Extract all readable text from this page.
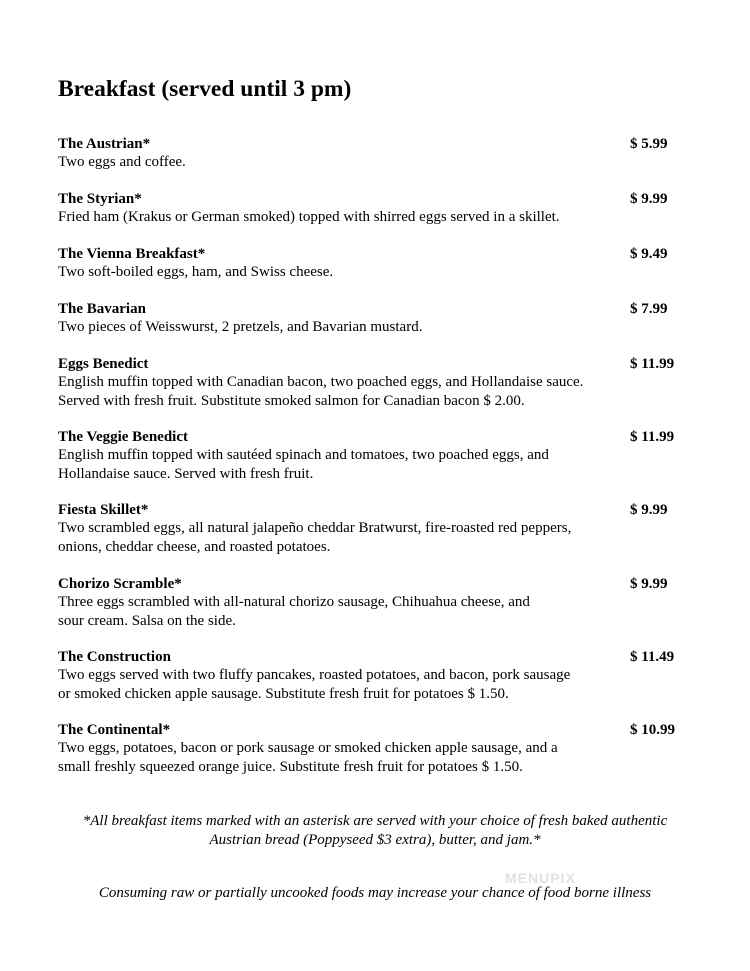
Breakfast (served until 3 pm)
The Austrian*
Two eggs and coffee.
$ 5.99
The Styrian*
Fried ham (Krakus or German smoked) topped with shirred eggs served in a skillet.
$ 9.99
The Vienna Breakfast*
Two soft-boiled eggs, ham, and Swiss cheese.
$ 9.49
The Bavarian
Two pieces of Weisswurst, 2 pretzels, and Bavarian mustard.
$ 7.99
Eggs Benedict
English muffin topped with Canadian bacon, two poached eggs, and Hollandaise sauce.
Served with fresh fruit. Substitute smoked salmon for Canadian bacon $ 2.00.
$ 11.99
The Veggie Benedict
English muffin topped with sautéed spinach and tomatoes, two poached eggs, and
Hollandaise sauce. Served with fresh fruit.
$ 11.99
Fiesta Skillet*
Two scrambled eggs, all natural jalapeño cheddar Bratwurst, fire-roasted red peppers,
onions, cheddar cheese, and roasted potatoes.
$ 9.99
Chorizo Scramble*
Three eggs scrambled with all-natural chorizo sausage, Chihuahua cheese, and
sour cream. Salsa on the side.
$ 9.99
The Construction
Two eggs served with two fluffy pancakes, roasted potatoes, and bacon, pork sausage
or smoked chicken apple sausage. Substitute fresh fruit for potatoes $ 1.50.
$ 11.49
The Continental*
Two eggs, potatoes, bacon or pork sausage or smoked chicken apple sausage, and a
small freshly squeezed orange juice. Substitute fresh fruit for potatoes $ 1.50.
$ 10.99
*All breakfast items marked with an asterisk are served with your choice of fresh baked authentic
Austrian bread (Poppyseed $3 extra), butter, and jam.*
Consuming raw or partially uncooked foods may increase your chance of food borne illness
MENUPIX
